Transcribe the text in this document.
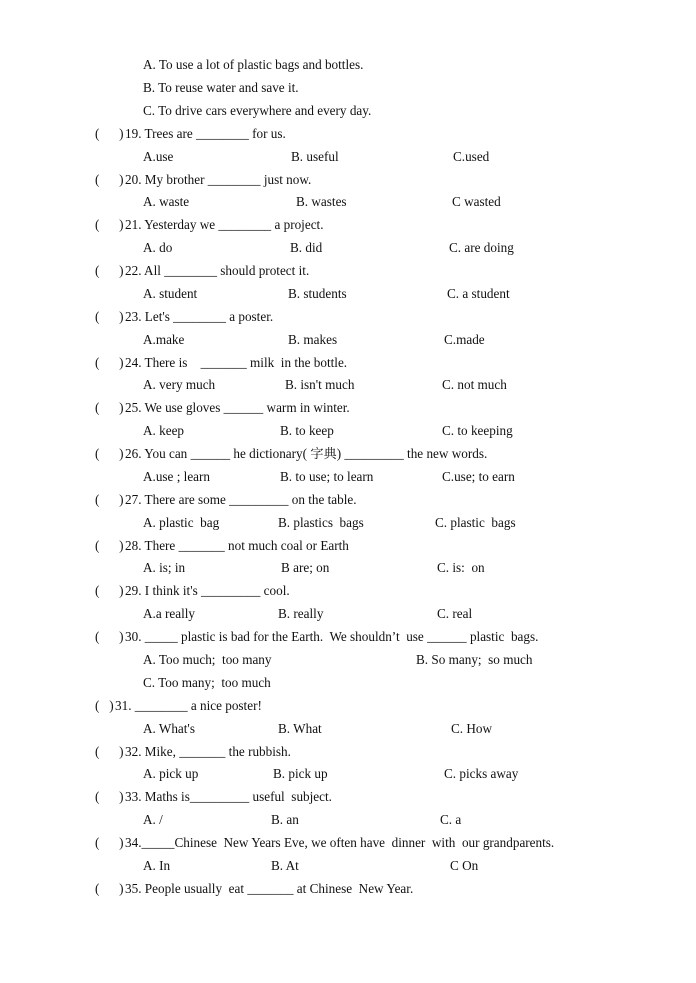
A. To use a lot of plastic bags and bottles.
B. To reuse water and save it.
C. To drive cars everywhere and every day.
(      ) 19. Trees are ________ for us.
A.use	B. useful	C.used
(      ) 20. My brother ________ just now.
A. waste	B. wastes	C wasted
(      ) 21. Yesterday we ________ a project.
A. do	B. did	C. are doing
(      ) 22. All ________ should protect it.
A. student	B. students	C. a student
(      ) 23. Let's ________ a poster.
A.make	B. makes	C.made
(      ) 24. There is    _______ milk  in the bottle.
A. very much	B. isn't much	C. not much
(      ) 25. We use gloves ______ warm in winter.
A. keep	B. to keep	C. to keeping
(      ) 26. You can ______ he dictionary( 字典) _________ the new words.
A.use ; learn	B. to use; to learn	C.use; to earn
(      ) 27. There are some _________ on the table.
A. plastic  bag	B. plastics  bags	C. plastic  bags
(      ) 28. There _______ not much coal or Earth
A. is; in	B are; on	C. is:  on
(      ) 29. I think it's _________ cool.
A.a really	B. really	C. real
(      ) 30. _____ plastic is bad for the Earth.  We shouldn’t  use ______ plastic  bags.
A. Too much;  too many	B. So many;  so much
C. Too many;  too much
(   ) 31. ________ a nice poster!
A. What's	B. What	C. How
(      ) 32. Mike, _______ the rubbish.
A. pick up	B. pick up	C. picks away
(      ) 33. Maths is_________ useful  subject.
A. /	B. an	C. a
(      ) 34._____Chinese  New Years Eve, we often have  dinner  with  our grandparents.
A. In	B. At	C On
(      ) 35. People usually  eat _______ at Chinese  New Year.
